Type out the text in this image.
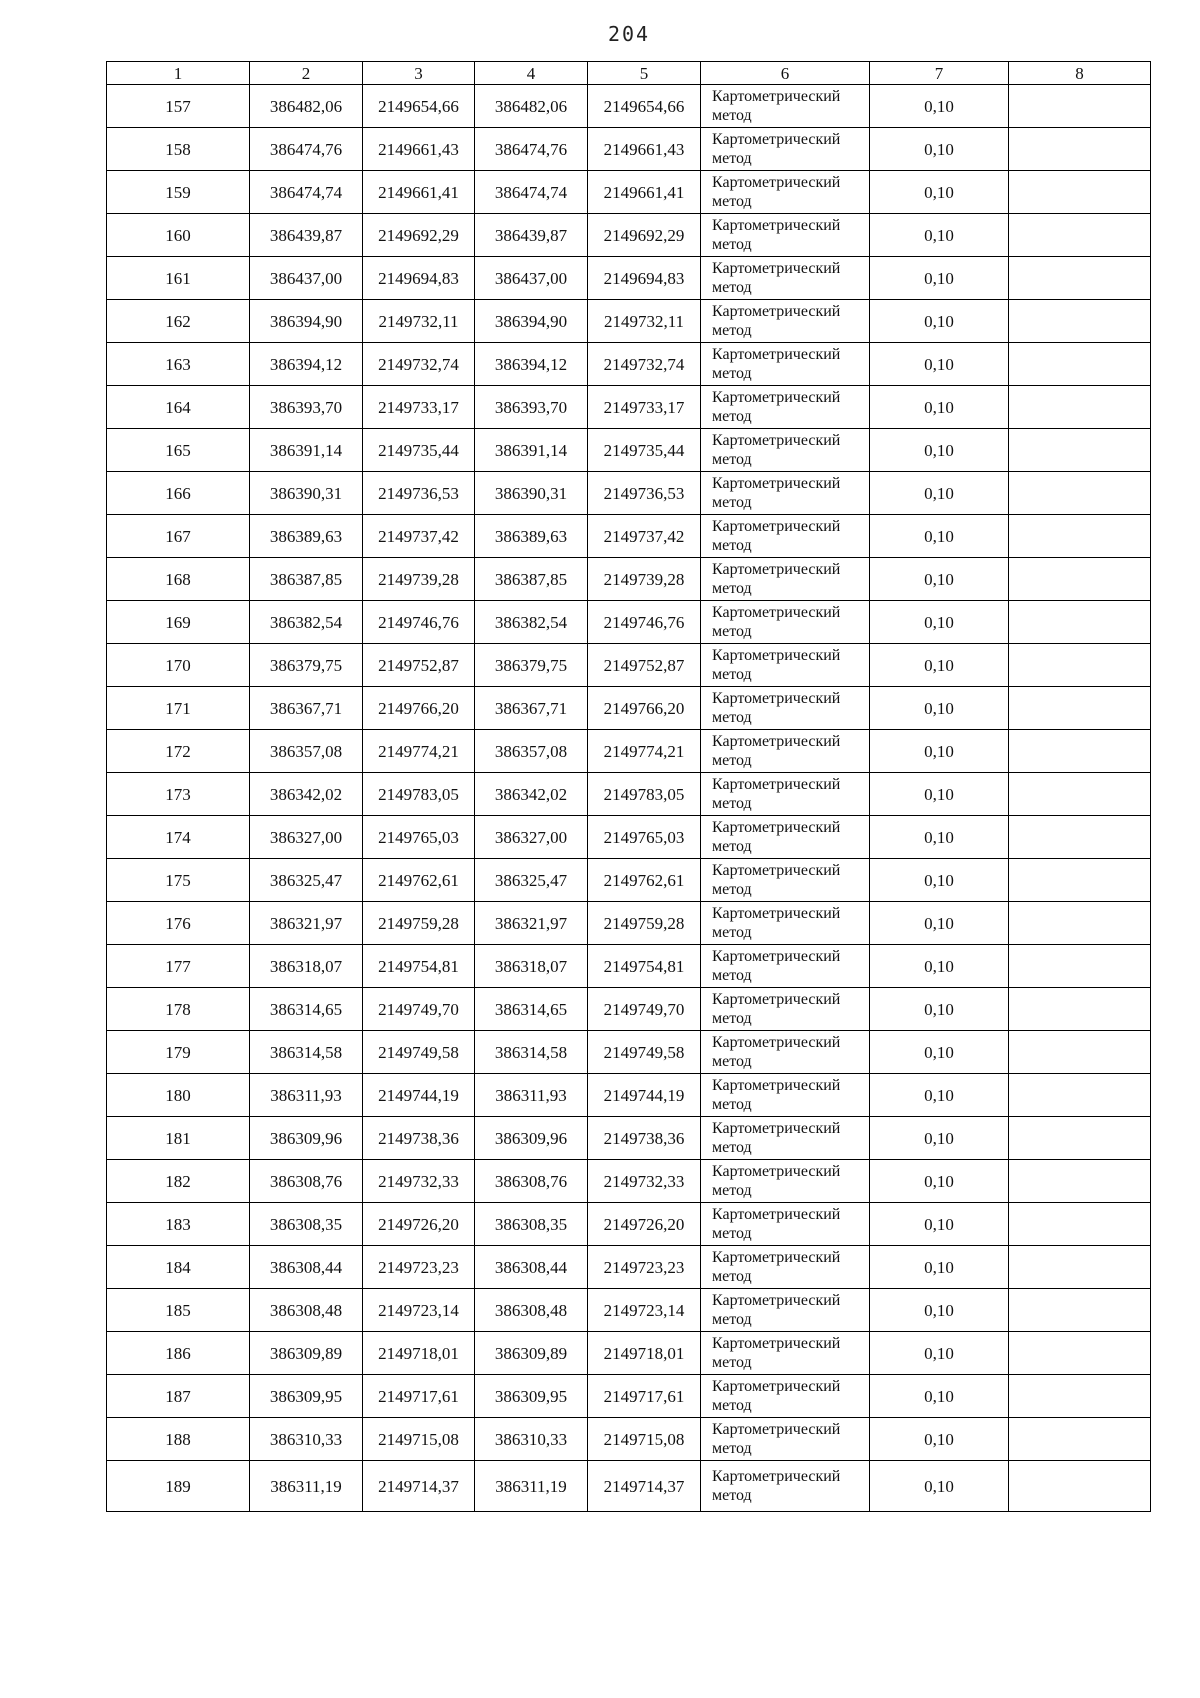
204
1	2	3	4	5	6	7	8
157	386482,06	2149654,66	386482,06	2149654,66	Картометрический метод	0,10	
158	386474,76	2149661,43	386474,76	2149661,43	Картометрический метод	0,10	
159	386474,74	2149661,41	386474,74	2149661,41	Картометрический метод	0,10	
160	386439,87	2149692,29	386439,87	2149692,29	Картометрический метод	0,10	
161	386437,00	2149694,83	386437,00	2149694,83	Картометрический метод	0,10	
162	386394,90	2149732,11	386394,90	2149732,11	Картометрический метод	0,10	
163	386394,12	2149732,74	386394,12	2149732,74	Картометрический метод	0,10	
164	386393,70	2149733,17	386393,70	2149733,17	Картометрический метод	0,10	
165	386391,14	2149735,44	386391,14	2149735,44	Картометрический метод	0,10	
166	386390,31	2149736,53	386390,31	2149736,53	Картометрический метод	0,10	
167	386389,63	2149737,42	386389,63	2149737,42	Картометрический метод	0,10	
168	386387,85	2149739,28	386387,85	2149739,28	Картометрический метод	0,10	
169	386382,54	2149746,76	386382,54	2149746,76	Картометрический метод	0,10	
170	386379,75	2149752,87	386379,75	2149752,87	Картометрический метод	0,10	
171	386367,71	2149766,20	386367,71	2149766,20	Картометрический метод	0,10	
172	386357,08	2149774,21	386357,08	2149774,21	Картометрический метод	0,10	
173	386342,02	2149783,05	386342,02	2149783,05	Картометрический метод	0,10	
174	386327,00	2149765,03	386327,00	2149765,03	Картометрический метод	0,10	
175	386325,47	2149762,61	386325,47	2149762,61	Картометрический метод	0,10	
176	386321,97	2149759,28	386321,97	2149759,28	Картометрический метод	0,10	
177	386318,07	2149754,81	386318,07	2149754,81	Картометрический метод	0,10	
178	386314,65	2149749,70	386314,65	2149749,70	Картометрический метод	0,10	
179	386314,58	2149749,58	386314,58	2149749,58	Картометрический метод	0,10	
180	386311,93	2149744,19	386311,93	2149744,19	Картометрический метод	0,10	
181	386309,96	2149738,36	386309,96	2149738,36	Картометрический метод	0,10	
182	386308,76	2149732,33	386308,76	2149732,33	Картометрический метод	0,10	
183	386308,35	2149726,20	386308,35	2149726,20	Картометрический метод	0,10	
184	386308,44	2149723,23	386308,44	2149723,23	Картометрический метод	0,10	
185	386308,48	2149723,14	386308,48	2149723,14	Картометрический метод	0,10	
186	386309,89	2149718,01	386309,89	2149718,01	Картометрический метод	0,10	
187	386309,95	2149717,61	386309,95	2149717,61	Картометрический метод	0,10	
188	386310,33	2149715,08	386310,33	2149715,08	Картометрический метод	0,10	
189	386311,19	2149714,37	386311,19	2149714,37	Картометрический метод	0,10	
